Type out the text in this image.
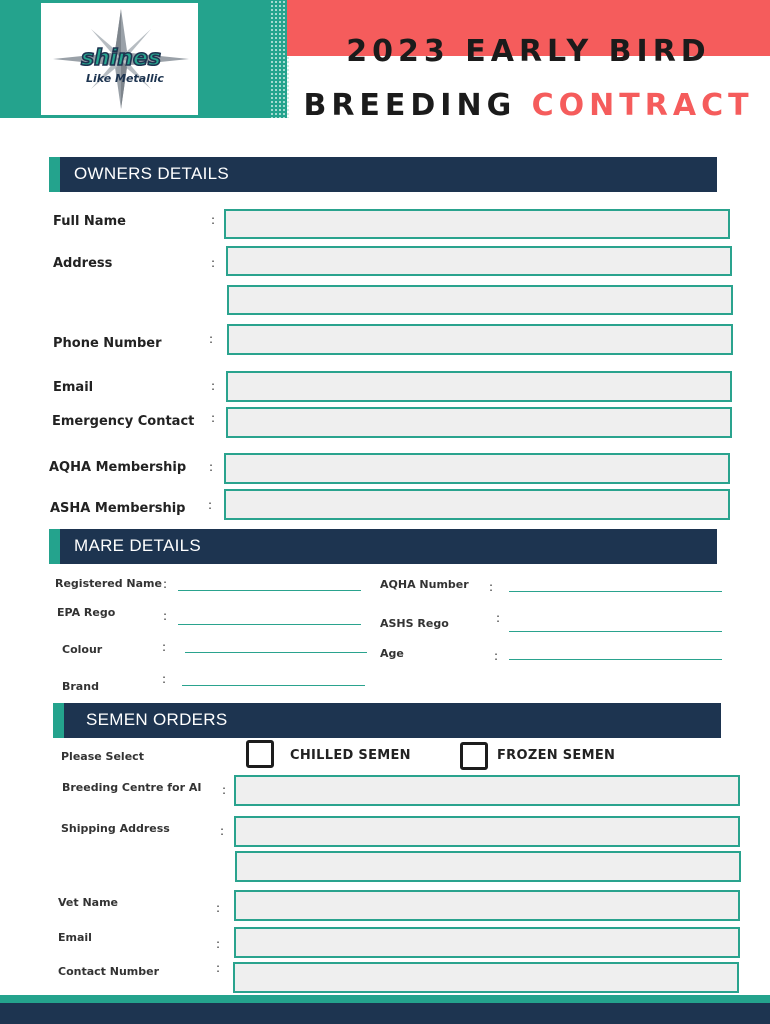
shines
Like Metallic
2023 EARLY BIRD
BREEDING CONTRACT
OWNERS DETAILS
Full Name	:
Address	:
Phone Number	:
Email	:
Emergency Contact :
AQHA Membership :
ASHA Membership :
MARE DETAILS
Registered Name :
EPA Rego	:
Colour	:
Brand
:
AQHA Number :
ASHS Rego	:
Age	:
SEMEN ORDERS
Please Select	CHILLED SEMEN	FROZEN SEMEN
Breeding Centre for AI :
Shipping Address	:
Vet Name	:
Email	:
Contact Number	:
